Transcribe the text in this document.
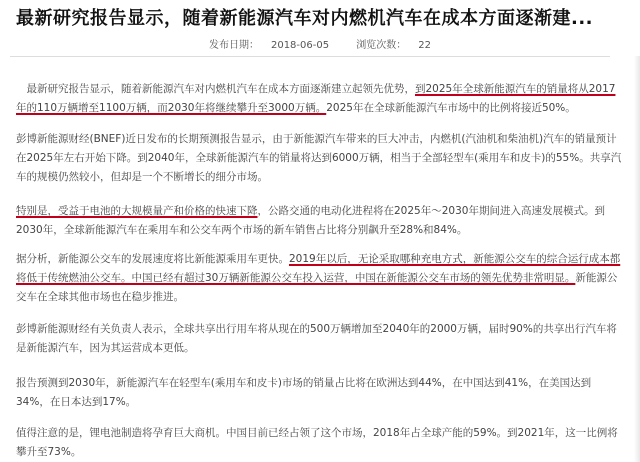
最新研究报告显示，随着新能源汽车对内燃机汽车在成本方面逐渐建...
发布日期： 2018-06-05	浏览次数： 22

　最新研究报告显示，随着新能源汽车对内燃机汽车在成本方面逐渐建立起领先优势，到2025年全球新能源汽车的销量将从2017年的110万辆增至1100万辆，而2030年将继续攀升至3000万辆。2025年在全球新能源汽车市场中的比例将接近50%。

彭博新能源财经(BNEF)近日发布的长期预测报告显示，由于新能源汽车带来的巨大冲击，内燃机(汽油机和柴油机)汽车的销量预计在2025年左右开始下降。到2040年，全球新能源汽车的销量将达到6000万辆，相当于全部轻型车(乘用车和皮卡)的55%。共享汽车的规模仍然较小，但却是一个不断增长的细分市场。

特别是，受益于电池的大规模量产和价格的快速下降，公路交通的电动化进程将在2025年～2030年期间进入高速发展模式。到2030年，全球新能源汽车在乘用车和公交车两个市场的新车销售占比将分别飙升至28%和84%。

据分析，新能源公交车的发展速度将比新能源乘用车更快。2019年以后，无论采取哪种充电方式，新能源公交车的综合运行成本都将低于传统燃油公交车。中国已经有超过30万辆新能源公交车投入运营，中国在新能源公交车市场的领先优势非常明显。新能源公交车在全球其他市场也在稳步推进。

彭博新能源财经有关负责人表示，全球共享出行用车将从现在的500万辆增加至2040年的2000万辆，届时90%的共享出行汽车将是新能源汽车，因为其运营成本更低。

报告预测到2030年，新能源汽车在轻型车(乘用车和皮卡)市场的销量占比将在欧洲达到44%，在中国达到41%，在美国达到34%，在日本达到17%。

值得注意的是，锂电池制造将孕育巨大商机。中国目前已经占领了这个市场，2018年占全球产能的59%。到2021年，这一比例将攀升至73%。
